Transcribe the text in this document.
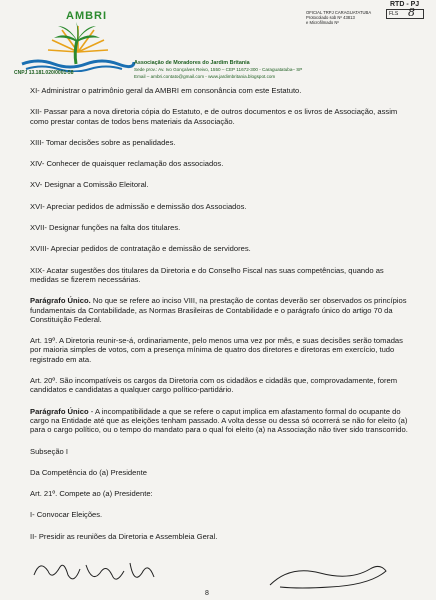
AMBRI
CNPJ 13.181.020/0001-58
Associação de Moradores do Jardim Britania
Sede prov.: Av. Ivo Gonçalves Reivo, 1550 – CEP 11672-300 - Caraguatatuba– SP
Email – ambri.contato@gmail.com - www.jardimbritania.blogspot.com
RTD - PJ
FLS 8
OFICIAL TRPJ CARAGUATATUBA
Protocolado sob Nº 43813
e Microfilmado Nº

XI- Administrar o patrimônio geral da AMBRI em consonância com este Estatuto.

XII- Passar para a nova diretoria cópia do Estatuto, e de outros documentos e os livros de Associação, assim como prestar contas de todos bens materiais da Associação.

XIII- Tomar decisões sobre as penalidades.

XIV- Conhecer de quaisquer reclamação dos associados.

XV- Designar a Comissão Eleitoral.

XVI- Apreciar pedidos de admissão e demissão dos Associados.

XVII- Designar funções na falta dos titulares.

XVIII- Apreciar pedidos de contratação e demissão de servidores.

XIX- Acatar sugestões dos titulares da Diretoria e do Conselho Fiscal nas suas competências, quando as medidas se fizerem necessárias.

Parágrafo Único. No que se refere ao inciso VIII, na prestação de contas deverão ser observados os princípios fundamentais da Contabilidade, as Normas Brasileiras de Contabilidade e o parágrafo único do artigo 70 da Constituição Federal.

Art. 19º. A Diretoria reunir-se-á, ordinariamente, pelo menos uma vez por mês, e suas decisões serão tomadas por maioria simples de votos, com a presença mínima de quatro dos diretores e diretoras em exercício, tudo registrado em ata.

Art. 20º. São incompatíveis os cargos da Diretoria com os cidadãos e cidadãs que, comprovadamente, forem candidatos e candidatas a qualquer cargo político-partidário.

Parágrafo Único - A incompatibilidade a que se refere o caput implica em afastamento formal do ocupante do cargo na Entidade até que as eleições tenham passado. A volta desse ou dessa só ocorrerá se não for eleito (a) para o cargo político, ou o tempo do mandato para o qual foi eleito (a) na Associação não tiver sido transcorrido.

Subseção I

Da Competência do (a) Presidente

Art. 21º. Compete ao (a) Presidente:

I- Convocar Eleições.

II- Presidir as reuniões da Diretoria e Assembleia Geral.

8
